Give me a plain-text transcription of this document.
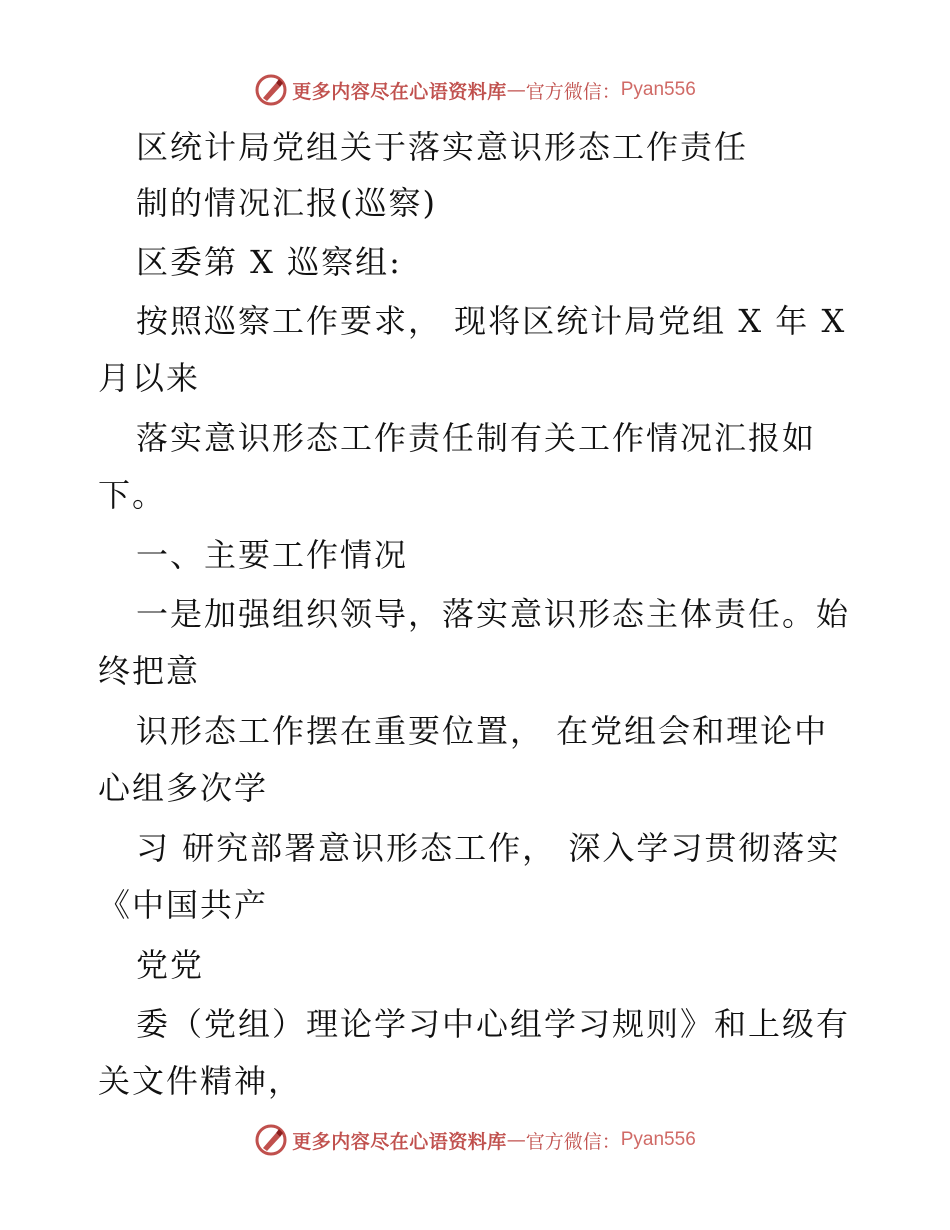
更多内容尽在心语资料库 — 官方微信： Pyan556
区统计局党组关于落实意识形态工作责任
制的情况汇报(巡察)
区委第 X 巡察组:
按照巡察工作要求， 现将区统计局党组 X 年 X
月以来
落实意识形态工作责任制有关工作情况汇报如
下。
一、主要工作情况
一是加强组织领导，落实意识形态主体责任。始
终把意
识形态工作摆在重要位置， 在党组会和理论中
心组多次学
习 研究部署意识形态工作， 深入学习贯彻落实
《中国共产
党党
委（党组）理论学习中心组学习规则》和上级有
关文件精神，
更多内容尽在心语资料库 — 官方微信： Pyan556
